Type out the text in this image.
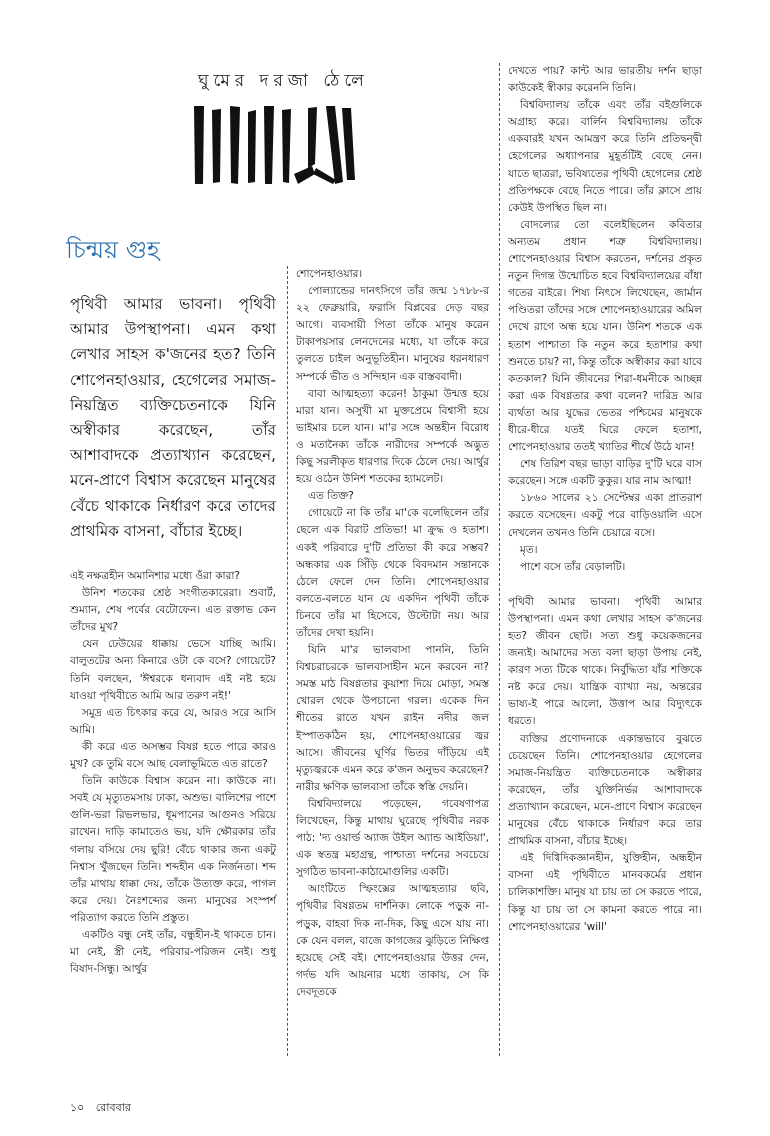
ঘুমের দরজা ঠেলে
চিন্ময় গুহ

পৃথিবী আমার ভাবনা। পৃথিবী আমার উপস্থাপনা। এমন কথা লেখার সাহস ক'জনের হত? তিনি শোপেনহাওয়ার, হেগেলের সমাজ-নিয়ন্ত্রিত ব্যক্তিচেতনাকে যিনি অস্বীকার করেছেন, তাঁর আশাবাদকে প্রত্যাখ্যান করেছেন, মনে-প্রাণে বিশ্বাস করেছেন মানুষের বেঁচে থাকাকে নির্ধারণ করে তাদের প্রাথমিক বাসনা, বাঁচার ইচ্ছে।

এই নক্ষত্রহীন অমানিশার মধ্যে ওঁরা কারা?

উনিশ শতকের শ্রেষ্ঠ সংগীতকারেরা। শুবার্ট, শুম্যান, শেষ পর্বের বেটোফেন। এত রক্তাভ কেন তাঁদের মুখ?

যেন ঢেউয়ের ধাক্কায় ভেসে যাচ্ছি আমি। বালুতটের অন্য কিনারে ওটা কে বসে? গোয়েটে? তিনি বলছেন, 'ঈশ্বরকে ধন্যবাদ এই নষ্ট হয়ে যাওয়া পৃথিবীতে আমি আর তরুণ নই!'

সমুদ্র এত চিৎকার করে যে, আরও সরে আসি আমি।

কী করে এত অসম্ভব বিষণ্ণ হতে পারে কারও মুখ? কে তুমি বসে আছ বেলাভূমিতে এত রাতে?

তিনি কাউকে বিশ্বাস করেন না। কাউকে না। সবই যে মৃত্যুতমসায় ঢাকা, অশুভ। বালিশের পাশে গুলি-ভরা রিভলভার, ধূমপানের আগুনও সরিয়ে রাখেন। দাড়ি কামাতেও ভয়, যদি ক্ষৌরকার তাঁর গলায় বসিয়ে দেয় ছুরি! বেঁচে থাকার জন্য একটু নিশ্বাস খুঁজছেন তিনি। শব্দহীন এক নির্জনতা। শব্দ তাঁর মাথায় ধাক্কা দেয়, তাঁকে উত্যক্ত করে, পাগল করে দেয়। নৈঃশব্দ্যের জন্য মানুষের সংস্পর্শ পরিত্যাগ করতে তিনি প্রস্তুত।

একটিও বন্ধু নেই তাঁর, বন্ধুহীন-ই থাকতে চান। মা নেই, স্ত্রী নেই, পরিবার-পরিজন নেই। শুধু বিষাদ-সিন্ধু। আর্থুর

শোপেনহাওয়ার।

পোল্যান্ডের দানৎসিগে তাঁর জন্ম ১৭৮৮-র ২২ ফেব্রুয়ারি, ফরাসি বিপ্লবের দেড় বছর আগে। ব্যবসায়ী পিতা তাঁকে মানুষ করেন টাকাপয়সার লেনদেনের মধ্যে, যা তাঁকে করে তুলতে চাইল অনুভূতিহীন। মানুষের ধরনধারণ সম্পর্কে ভীত ও সন্দিহান এক বাস্তববাদী।

বাবা আত্মহত্যা করেন! ঠাকুমা উন্মত্ত হয়ে মারা যান। অসুখী মা মুক্তপ্রেমে বিশ্বাসী হয়ে ভাইমার চলে যান। মা'র সঙ্গে অন্তহীন বিরোধ ও মতানৈক্য তাঁকে নারীদের সম্পর্কে অদ্ভুত কিছু সরলীকৃত ধারণার দিকে ঠেলে দেয়। আর্থুর হয়ে ওঠেন উনিশ শতকের হ্যামলেট।

এত তিক্ত?

গোয়েটে না কি তাঁর মা'কে বলেছিলেন তাঁর ছেলে এক বিরাট প্রতিভা! মা ক্রুদ্ধ ও হতাশ। একই পরিবারে দু'টি প্রতিভা কী করে সম্ভব? অন্ধকার এক সিঁড়ি থেকে বিবদমান সন্তানকে ঠেলে ফেলে দেন তিনি। শোপেনহাওয়ার বলতে-বলতে যান যে একদিন পৃথিবী তাঁকে চিনবে তাঁর মা হিসেবে, উল্টোটা নয়। আর তাঁদের দেখা হয়নি।

যিনি মা'র ভালবাসা পাননি, তিনি বিশ্বচরাচরকে ভালবাসাহীন মনে করবেন না? সমস্ত মাঠ বিষণ্ণতার কুয়াশা দিয়ে মোড়া, সমস্ত খোরল থেকে উপচানো গরল। একেক দিন শীতের রাতে যখন রাইন নদীর জল ইস্পাতকঠিন হয়, শোপেনহাওয়ারের জ্বর আসে। জীবনের ঘূর্ণির ভিতর দাঁড়িয়ে এই মৃত্যুজ্বরকে এমন করে ক'জন অনুভব করেছেন? নারীর ক্ষণিক ভালবাসা তাঁকে স্বস্তি দেয়নি।

বিশ্ববিদ্যালয়ে পড়েছেন, গবেষণাপত্র লিখেছেন, কিন্তু মাথায় ঘুরেছে পৃথিবীর নরক পাঠ: 'দ্য ওয়ার্ল্ড অ্যাজ উইল অ্যান্ড আইডিয়া', এক স্বতন্ত্র মহাগ্রন্থ, পাশ্চাত্য দর্শনের সবচেয়ে সুগঠিত ভাবনা-কাঠামোগুলির একটি।

আংটিতে স্ফিংক্সের আত্মহত্যার ছবি, পৃথিবীর বিষণ্ণতম দার্শনিক। লোকে পড়ুক না-পড়ুক, বাহবা দিক না-দিক, কিছু এসে যায় না। কে যেন বলল, বাজে কাগজের ঝুড়িতে নিক্ষিপ্ত হয়েছে সেই বই। শোপেনহাওয়ার উত্তর দেন, গর্দভ যদি আয়নার মধ্যে তাকায়, সে কি দেবদূতকে

দেখতে পায়? কান্ট আর ভারতীয় দর্শন ছাড়া কাউকেই স্বীকার করেননি তিনি।

বিশ্ববিদ্যালয় তাঁকে এবং তাঁর বইগুলিকে অগ্রাহ্য করে। বার্লিন বিশ্ববিদ্যালয় তাঁকে একবারই যখন আমন্ত্রণ করে তিনি প্রতিদ্বন্দ্বী হেগেলের অধ্যাপনার মুহূর্তটিই বেছে নেন। যাতে ছাত্ররা, ভবিষ্যতের পৃথিবী হেগেলের শ্রেষ্ঠ প্রতিপক্ষকে বেছে নিতে পারে। তাঁর ক্লাসে প্রায় কেউই উপস্থিত ছিল না।

বোদল্যের তো বলেইছিলেন কবিতার অন্যতম প্রধান শত্রু বিশ্ববিদ্যালয়। শোপেনহাওয়ার বিশ্বাস করতেন, দর্শনের প্রকৃত নতুন দিগন্ত উন্মোচিত হবে বিশ্ববিদ্যালয়ের বাঁধা গতের বাইরে। শিষ্য নিৎসে লিখেছেন, জার্মান পণ্ডিতরা তাঁদের সঙ্গে শোপেনহাওয়ারের অমিল দেখে রাগে অন্ধ হয়ে যান। উনিশ শতকে এক হতাশ পাশ্চাত্য কি নতুন করে হতাশার কথা শুনতে চায়? না, কিন্তু তাঁকে অস্বীকার করা যাবে কতকাল? যিনি জীবনের শিরা-ধমনীকে আচ্ছন্ন করা এক বিষণ্ণতার কথা বলেন? দারিদ্র আর ব্যর্থতা আর যুদ্ধের ভেতর পশ্চিমের মানুষকে ধীরে-ধীরে যতই ঘিরে ফেলে হতাশা, শোপেনহাওয়ার ততই খ্যাতির শীর্ষে উঠে যান!

শেষ তিরিশ বছর ভাড়া বাড়ির দু'টি ঘরে বাস করেছেন। সঙ্গে একটি কুকুর। যার নাম আত্মা!

১৮৬০ সালের ২১ সেপ্টেম্বর একা প্রাতরাশ করতে বসেছেন। একটু পরে বাড়িওয়ালি এসে দেখলেন তখনও তিনি চেয়ারে বসে।

মৃত।

পাশে বসে তাঁর বেড়ালটি।

পৃথিবী আমার ভাবনা। পৃথিবী আমার উপস্থাপনা। এমন কথা লেখার সাহস ক'জনের হত? জীবন ছোট। সত্য শুধু কয়েকজনের জন্যই। আমাদের সত্য বলা ছাড়া উপায় নেই, কারণ সত্য টিকে থাকে। নির্বুদ্ধিতা যাঁর শক্তিকে নষ্ট করে দেয়। যান্ত্রিক ব্যাখ্যা নয়, অন্তরের ভাষ্য-ই পারে আলো, উত্তাপ আর বিদ্যুৎকে ধরতে।

ব্যক্তির প্রণোদনাকে একান্তভাবে বুঝতে চেয়েছেন তিনি। শোপেনহাওয়ার হেগেলের সমাজ-নিয়ন্ত্রিত ব্যক্তিচেতনাকে অস্বীকার করেছেন, তাঁর যুক্তিনির্ভর আশাবাদকে প্রত্যাখ্যান করেছেন, মনে-প্রাণে বিশ্বাস করেছেন মানুষের বেঁচে থাকাকে নির্ধারণ করে তার প্রাথমিক বাসনা, বাঁচার ইচ্ছে।

এই দিগ্বিদিকজ্ঞানহীন, যুক্তিহীন, অন্ধহীন বাসনা এই পৃথিবীতে মানবকর্মের প্রধান চালিকাশক্তি। মানুষ যা চায় তা সে করতে পারে, কিন্তু যা চায় তা সে কামনা করতে পারে না। শোপেনহাওয়ারের 'will'

১০ রোববার
